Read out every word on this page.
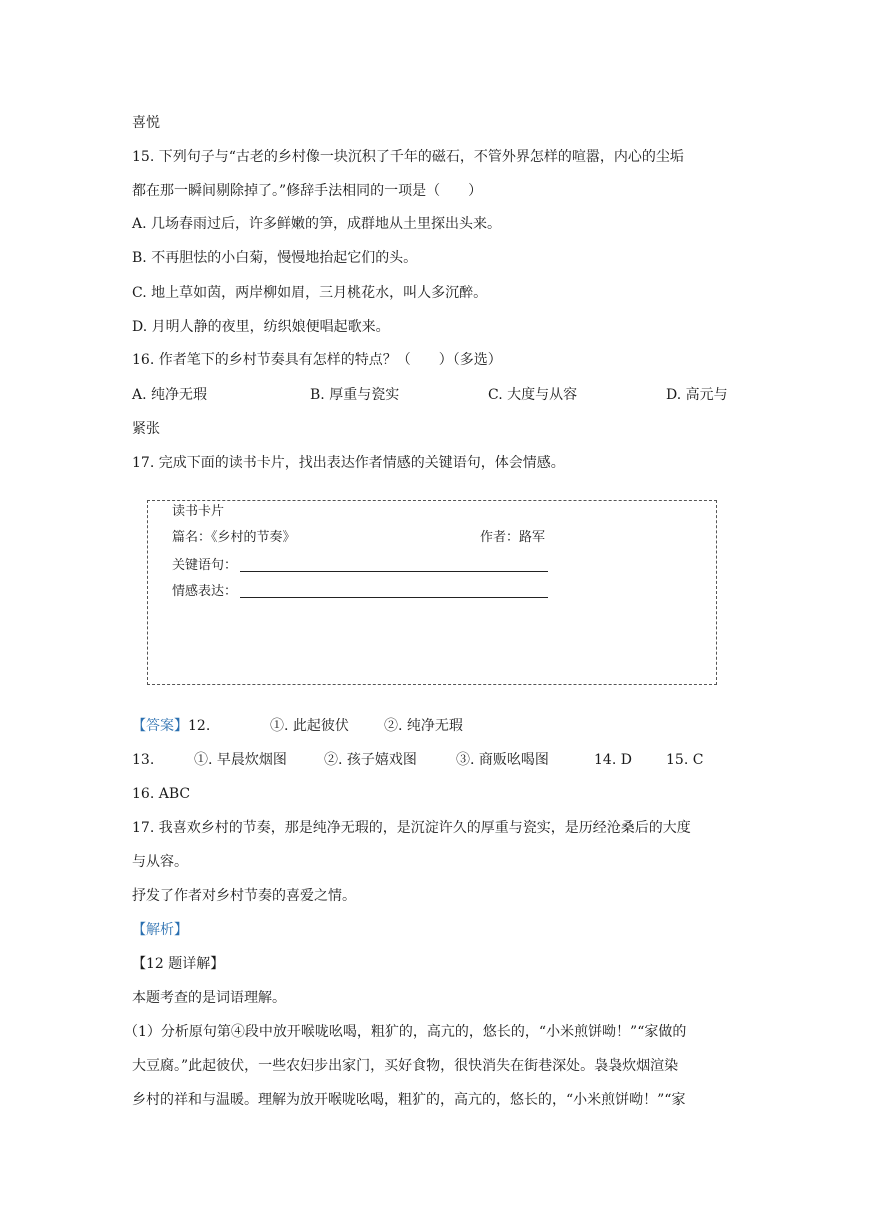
喜悦
15. 下列句子与“古老的乡村像一块沉积了千年的磁石，不管外界怎样的喧嚣，内心的尘垢
都在那一瞬间剔除掉了。”修辞手法相同的一项是（　　）
A. 几场春雨过后，许多鲜嫩的笋，成群地从土里探出头来。
B. 不再胆怯的小白菊，慢慢地抬起它们的头。
C. 地上草如茵，两岸柳如眉，三月桃花水，叫人多沉醉。
D. 月明人静的夜里，纺织娘便唱起歌来。
16. 作者笔下的乡村节奏具有怎样的特点？（　　）（多选）
A. 纯净无瑕	B. 厚重与瓷实	C. 大度与从容	D. 高元与
紧张
17. 完成下面的读书卡片，找出表达作者情感的关键语句，体会情感。
读书卡片
篇名：《乡村的节奏》	作者：路军
关键语句：
情感表达：
【答案】12.	①. 此起彼伏	②. 纯净无瑕
13.	①. 早晨炊烟图	②. 孩子嬉戏图	③. 商贩吆喝图	14. D 15. C
16. ABC
17. 我喜欢乡村的节奏，那是纯净无瑕的，是沉淀许久的厚重与瓷实，是历经沧桑后的大度
与从容。
抒发了作者对乡村节奏的喜爱之情。
【解析】
【12 题详解】
本题考查的是词语理解。
（1）分析原句第④段中放开喉咙吆喝，粗犷的，高亢的，悠长的，“小米煎饼呦！”“家做的
大豆腐。”此起彼伏，一些农妇步出家门，买好食物，很快消失在街巷深处。袅袅炊烟渲染
乡村的祥和与温暖。理解为放开喉咙吆喝，粗犷的，高亢的，悠长的，“小米煎饼呦！”“家
